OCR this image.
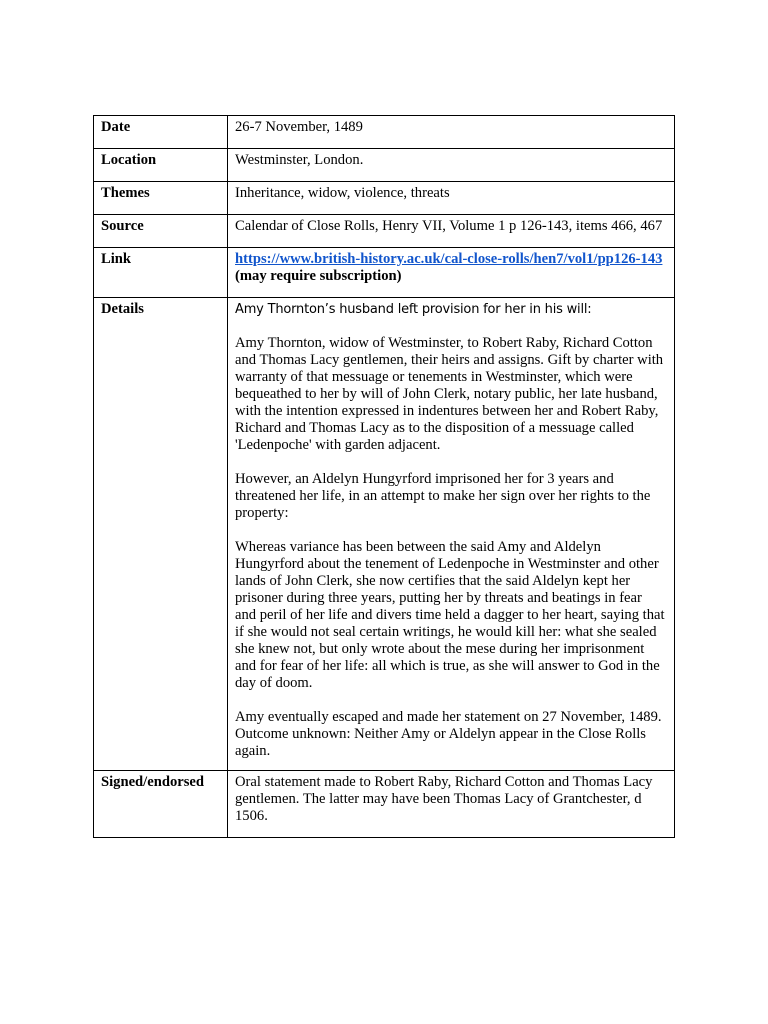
Date	26-7 November, 1489
Location	Westminster, London.
Themes	Inheritance, widow, violence, threats
Source	Calendar of Close Rolls, Henry VII, Volume 1 p 126-143, items 466, 467
Link	https://www.british-history.ac.uk/cal-close-rolls/hen7/vol1/pp126-143 (may require subscription)
Details	Amy Thornton’s husband left provision for her in his will:

Amy Thornton, widow of Westminster, to Robert Raby, Richard Cotton and Thomas Lacy gentlemen, their heirs and assigns. Gift by charter with warranty of that messuage or tenements in Westminster, which were bequeathed to her by will of John Clerk, notary public, her late husband, with the intention expressed in indentures between her and Robert Raby, Richard and Thomas Lacy as to the disposition of a messuage called 'Ledenpoche' with garden adjacent.

However, an Aldelyn Hungyrford imprisoned her for 3 years and threatened her life, in an attempt to make her sign over her rights to the property:

Whereas variance has been between the said Amy and Aldelyn Hungyrford about the tenement of Ledenpoche in Westminster and other lands of John Clerk, she now certifies that the said Aldelyn kept her prisoner during three years, putting her by threats and beatings in fear and peril of her life and divers time held a dagger to her heart, saying that if she would not seal certain writings, he would kill her: what she sealed she knew not, but only wrote about the mese during her imprisonment and for fear of her life: all which is true, as she will answer to God in the day of doom.

Amy eventually escaped and made her statement on 27 November, 1489. Outcome unknown: Neither Amy or Aldelyn appear in the Close Rolls again.

Signed/endorsed	Oral statement made to Robert Raby, Richard Cotton and Thomas Lacy gentlemen. The latter may have been Thomas Lacy of Grantchester, d 1506.
